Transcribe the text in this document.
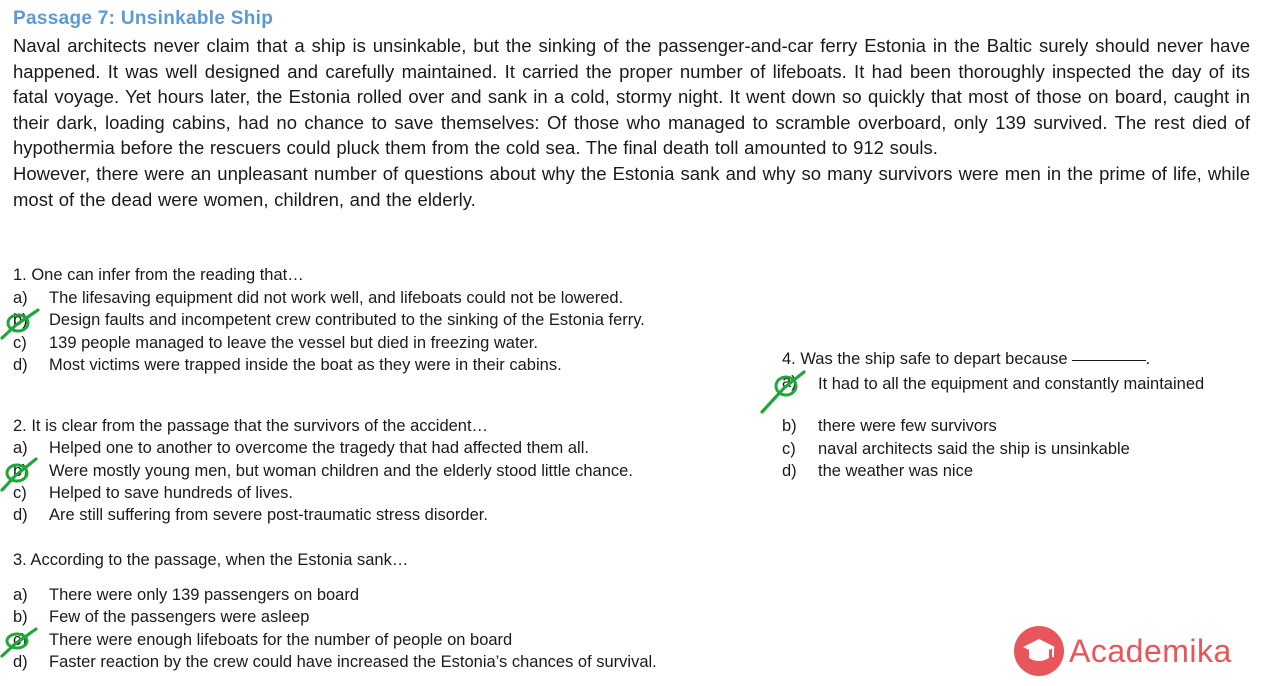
Passage 7: Unsinkable Ship

Naval architects never claim that a ship is unsinkable, but the sinking of the passenger-and-car ferry Estonia in the Baltic surely should never have happened. It was well designed and carefully maintained. It carried the proper number of lifeboats. It had been thoroughly inspected the day of its fatal voyage. Yet hours later, the Estonia rolled over and sank in a cold, stormy night. It went down so quickly that most of those on board, caught in their dark, loading cabins, had no chance to save themselves: Of those who managed to scramble overboard, only 139 survived. The rest died of hypothermia before the rescuers could pluck them from the cold sea. The final death toll amounted to 912 souls.

However, there were an unpleasant number of questions about why the Estonia sank and why so many survivors were men in the prime of life, while most of the dead were women, children, and the elderly.

1. One can infer from the reading that…
a) The lifesaving equipment did not work well, and lifeboats could not be lowered.
b) Design faults and incompetent crew contributed to the sinking of the Estonia ferry.
c) 139 people managed to leave the vessel but died in freezing water.
d) Most victims were trapped inside the boat as they were in their cabins.
2. It is clear from the passage that the survivors of the accident…
a) Helped one to another to overcome the tragedy that had affected them all.
b) Were mostly young men, but woman children and the elderly stood little chance.
c) Helped to save hundreds of lives.
d) Are still suffering from severe post-traumatic stress disorder.
3. According to the passage, when the Estonia sank…
a) There were only 139 passengers on board
b) Few of the passengers were asleep
c) There were enough lifeboats for the number of people on board
d) Faster reaction by the crew could have increased the Estonia’s chances of survival.
4. Was the ship safe to depart because	.
a) It had to all the equipment and constantly maintained
b) there were few survivors
c) naval architects said the ship is unsinkable
d) the weather was nice
Academika
